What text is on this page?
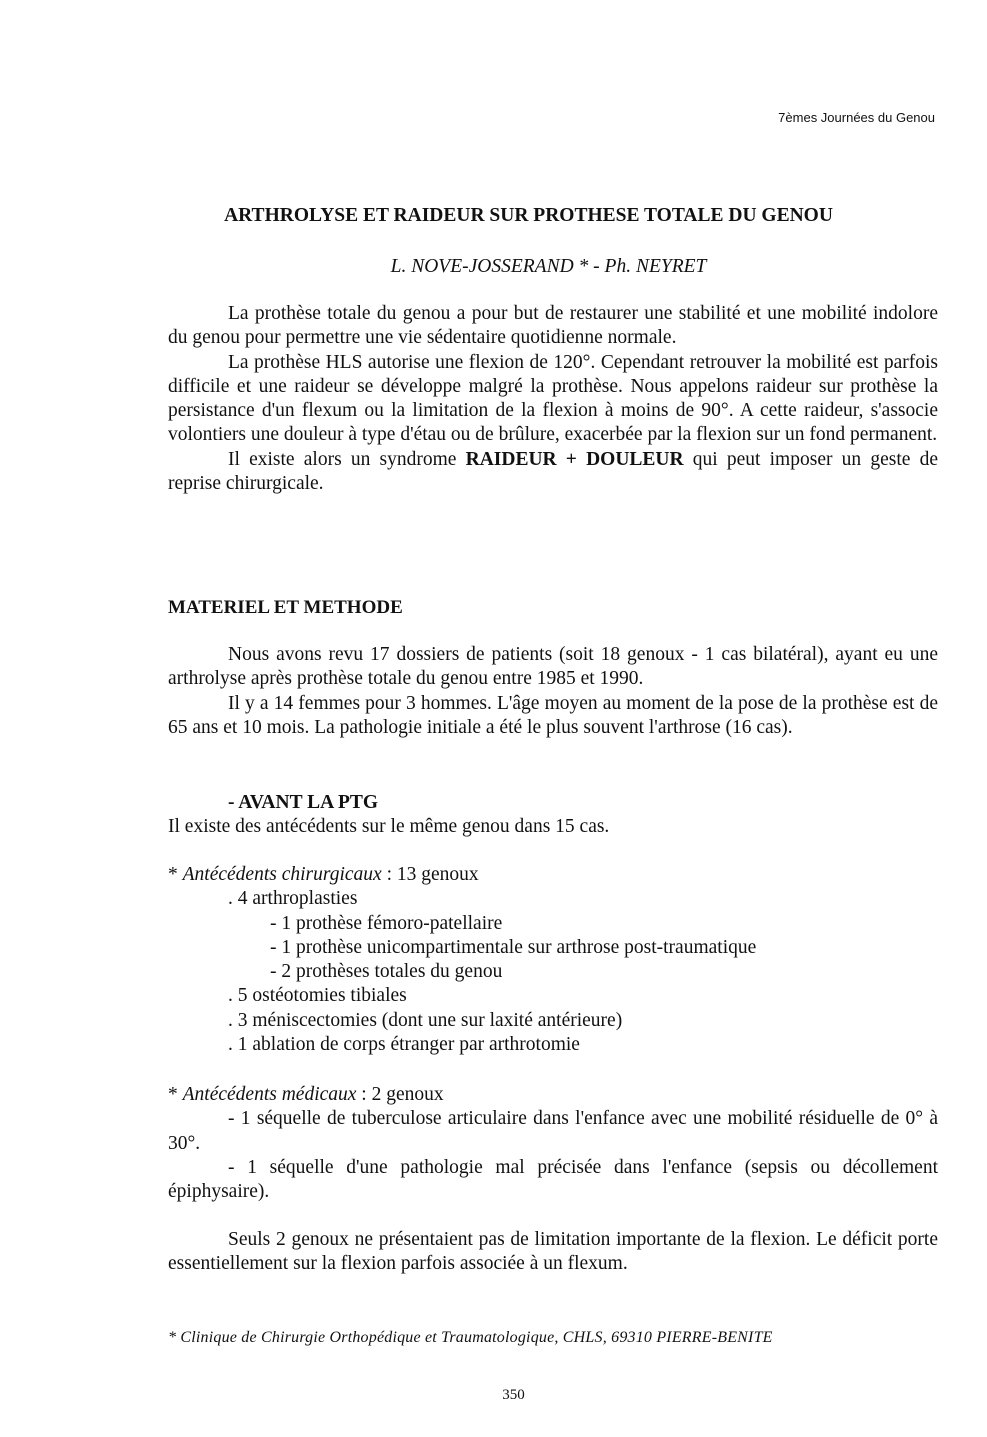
7èmes Journées du Genou
ARTHROLYSE ET RAIDEUR SUR PROTHESE TOTALE DU GENOU
L. NOVE-JOSSERAND * - Ph. NEYRET

La prothèse totale du genou a pour but de restaurer une stabilité et une mobilité indolore du genou pour permettre une vie sédentaire quotidienne normale.

La prothèse HLS autorise une flexion de 120°. Cependant retrouver la mobilité est parfois difficile et une raideur se développe malgré la prothèse. Nous appelons raideur sur prothèse la persistance d'un flexum ou la limitation de la flexion à moins de 90°. A cette raideur, s'associe volontiers une douleur à type d'étau ou de brûlure, exacerbée par la flexion sur un fond permanent.

Il existe alors un syndrome RAIDEUR + DOULEUR qui peut imposer un geste de reprise chirurgicale.

MATERIEL ET METHODE

Nous avons revu 17 dossiers de patients (soit 18 genoux - 1 cas bilatéral), ayant eu une arthrolyse après prothèse totale du genou entre 1985 et 1990.

Il y a 14 femmes pour 3 hommes. L'âge moyen au moment de la pose de la prothèse est de 65 ans et 10 mois. La pathologie initiale a été le plus souvent l'arthrose (16 cas).

- AVANT LA PTG

Il existe des antécédents sur le même genou dans 15 cas.

* Antécédents chirurgicaux : 13 genoux

. 4 arthroplasties

- 1 prothèse fémoro-patellaire

- 1 prothèse unicompartimentale sur arthrose post-traumatique

- 2 prothèses totales du genou

. 5 ostéotomies tibiales

. 3 méniscectomies (dont une sur laxité antérieure)

. 1 ablation de corps étranger par arthrotomie

* Antécédents médicaux : 2 genoux

- 1 séquelle de tuberculose articulaire dans l'enfance avec une mobilité résiduelle de 0° à 30°.

- 1 séquelle d'une pathologie mal précisée dans l'enfance (sepsis ou décollement épiphysaire).

Seuls 2 genoux ne présentaient pas de limitation importante de la flexion. Le déficit porte essentiellement sur la flexion parfois associée à un flexum.

* Clinique de Chirurgie Orthopédique et Traumatologique, CHLS, 69310 PIERRE-BENITE
350
